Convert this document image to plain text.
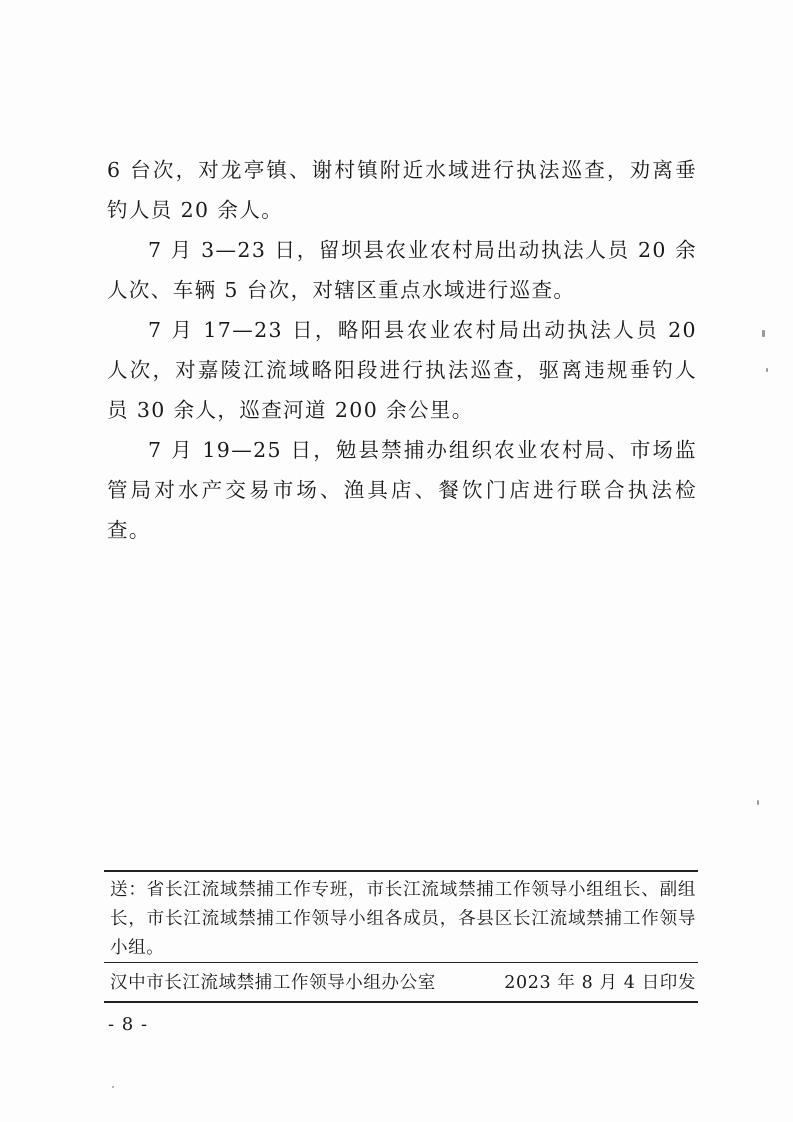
6 台次，对龙亭镇、谢村镇附近水域进行执法巡查，劝离垂钓人员 20 余人。

7 月 3—23 日，留坝县农业农村局出动执法人员 20 余人次、车辆 5 台次，对辖区重点水域进行巡查。

7 月 17—23 日，略阳县农业农村局出动执法人员 20 人次，对嘉陵江流域略阳段进行执法巡查，驱离违规垂钓人员 30 余人，巡查河道 200 余公里。

7 月 19—25 日，勉县禁捕办组织农业农村局、市场监管局对水产交易市场、渔具店、餐饮门店进行联合执法检查。

送：省长江流域禁捕工作专班，市长江流域禁捕工作领导小组组长、副组长，市长江流域禁捕工作领导小组各成员，各县区长江流域禁捕工作领导小组。
汉中市长江流域禁捕工作领导小组办公室	2023 年 8 月 4 日印发
- 8 -
